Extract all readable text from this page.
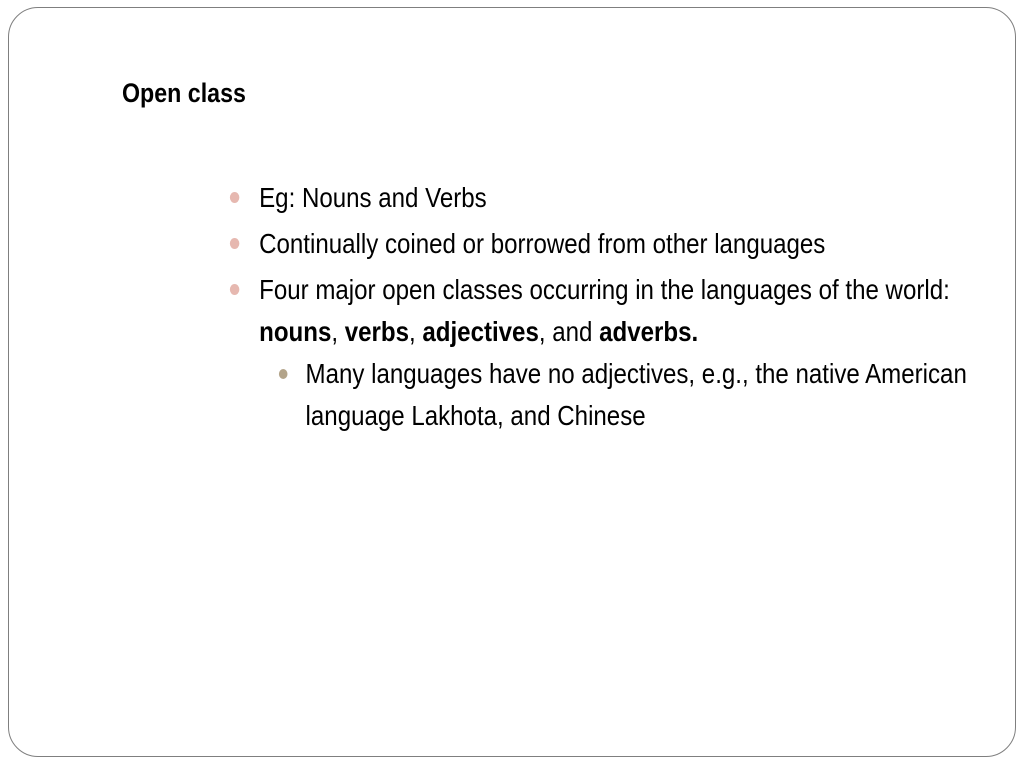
Open class
Eg: Nouns and Verbs
Continually coined or borrowed from other languages
Four major open classes occurring in the languages of the world: nouns, verbs, adjectives, and adverbs.
Many languages have no adjectives, e.g., the native American language Lakhota, and Chinese
